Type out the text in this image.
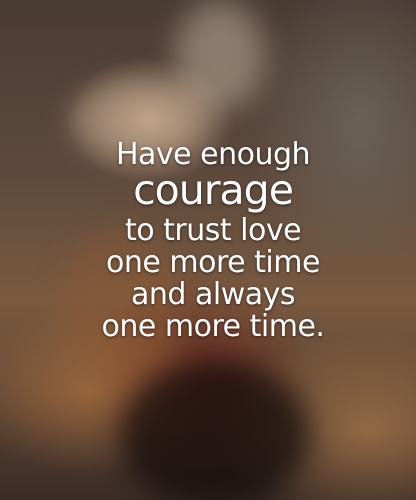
Have enough
courage
to trust love
one more time
and always
one more time.
